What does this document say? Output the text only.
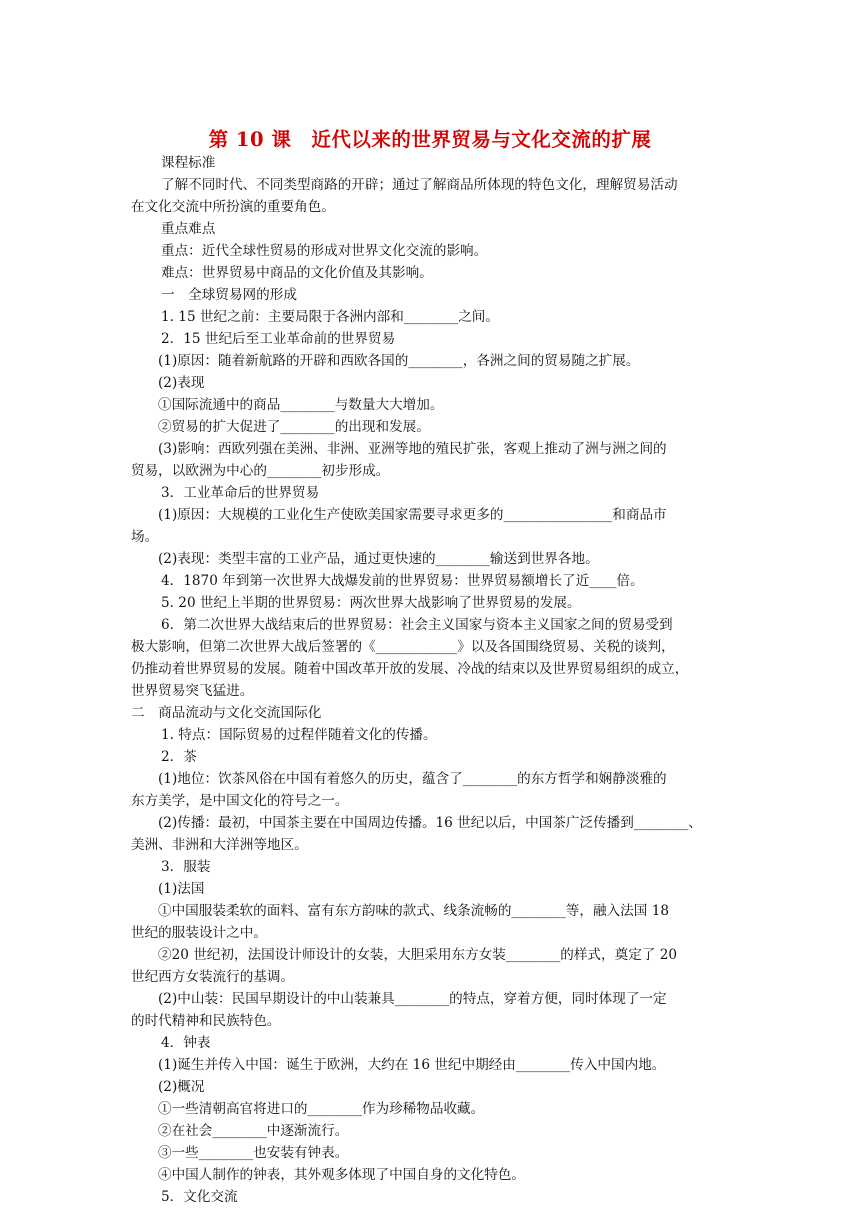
第 10 课　近代以来的世界贸易与文化交流的扩展
课程标准
了解不同时代、不同类型商路的开辟；通过了解商品所体现的特色文化，理解贸易活动
在文化交流中所扮演的重要角色。
重点难点
重点：近代全球性贸易的形成对世界文化交流的影响。
难点：世界贸易中商品的文化价值及其影响。
一　全球贸易网的形成
1. 15 世纪之前：主要局限于各洲内部和________之间。
2．15 世纪后至工业革命前的世界贸易
(1)原因：随着新航路的开辟和西欧各国的________，各洲之间的贸易随之扩展。
(2)表现
①国际流通中的商品________与数量大大增加。
②贸易的扩大促进了________的出现和发展。
(3)影响：西欧列强在美洲、非洲、亚洲等地的殖民扩张，客观上推动了洲与洲之间的
贸易，以欧洲为中心的________初步形成。
3．工业革命后的世界贸易
(1)原因：大规模的工业化生产使欧美国家需要寻求更多的________________和商品市
场。
(2)表现：类型丰富的工业产品，通过更快速的________输送到世界各地。
4．1870 年到第一次世界大战爆发前的世界贸易：世界贸易额增长了近____倍。
5. 20 世纪上半期的世界贸易：两次世界大战影响了世界贸易的发展。
6．第二次世界大战结束后的世界贸易：社会主义国家与资本主义国家之间的贸易受到
极大影响，但第二次世界大战后签署的《____________》以及各国围绕贸易、关税的谈判，
仍推动着世界贸易的发展。随着中国改革开放的发展、冷战的结束以及世界贸易组织的成立，
世界贸易突飞猛进。
二　商品流动与文化交流国际化
1. 特点：国际贸易的过程伴随着文化的传播。
2．茶
(1)地位：饮茶风俗在中国有着悠久的历史，蕴含了________的东方哲学和娴静淡雅的
东方美学，是中国文化的符号之一。
(2)传播：最初，中国茶主要在中国周边传播。16 世纪以后，中国茶广泛传播到________、
美洲、非洲和大洋洲等地区。
3．服装
(1)法国
①中国服装柔软的面料、富有东方韵味的款式、线条流畅的________等，融入法国 18
世纪的服装设计之中。
②20 世纪初，法国设计师设计的女装，大胆采用东方女装________的样式，奠定了 20
世纪西方女装流行的基调。
(2)中山装：民国早期设计的中山装兼具________的特点，穿着方便，同时体现了一定
的时代精神和民族特色。
4．钟表
(1)诞生并传入中国：诞生于欧洲，大约在 16 世纪中期经由________传入中国内地。
(2)概况
①一些清朝高官将进口的________作为珍稀物品收藏。
②在社会________中逐渐流行。
③一些________也安装有钟表。
④中国人制作的钟表，其外观多体现了中国自身的文化特色。
5．文化交流
